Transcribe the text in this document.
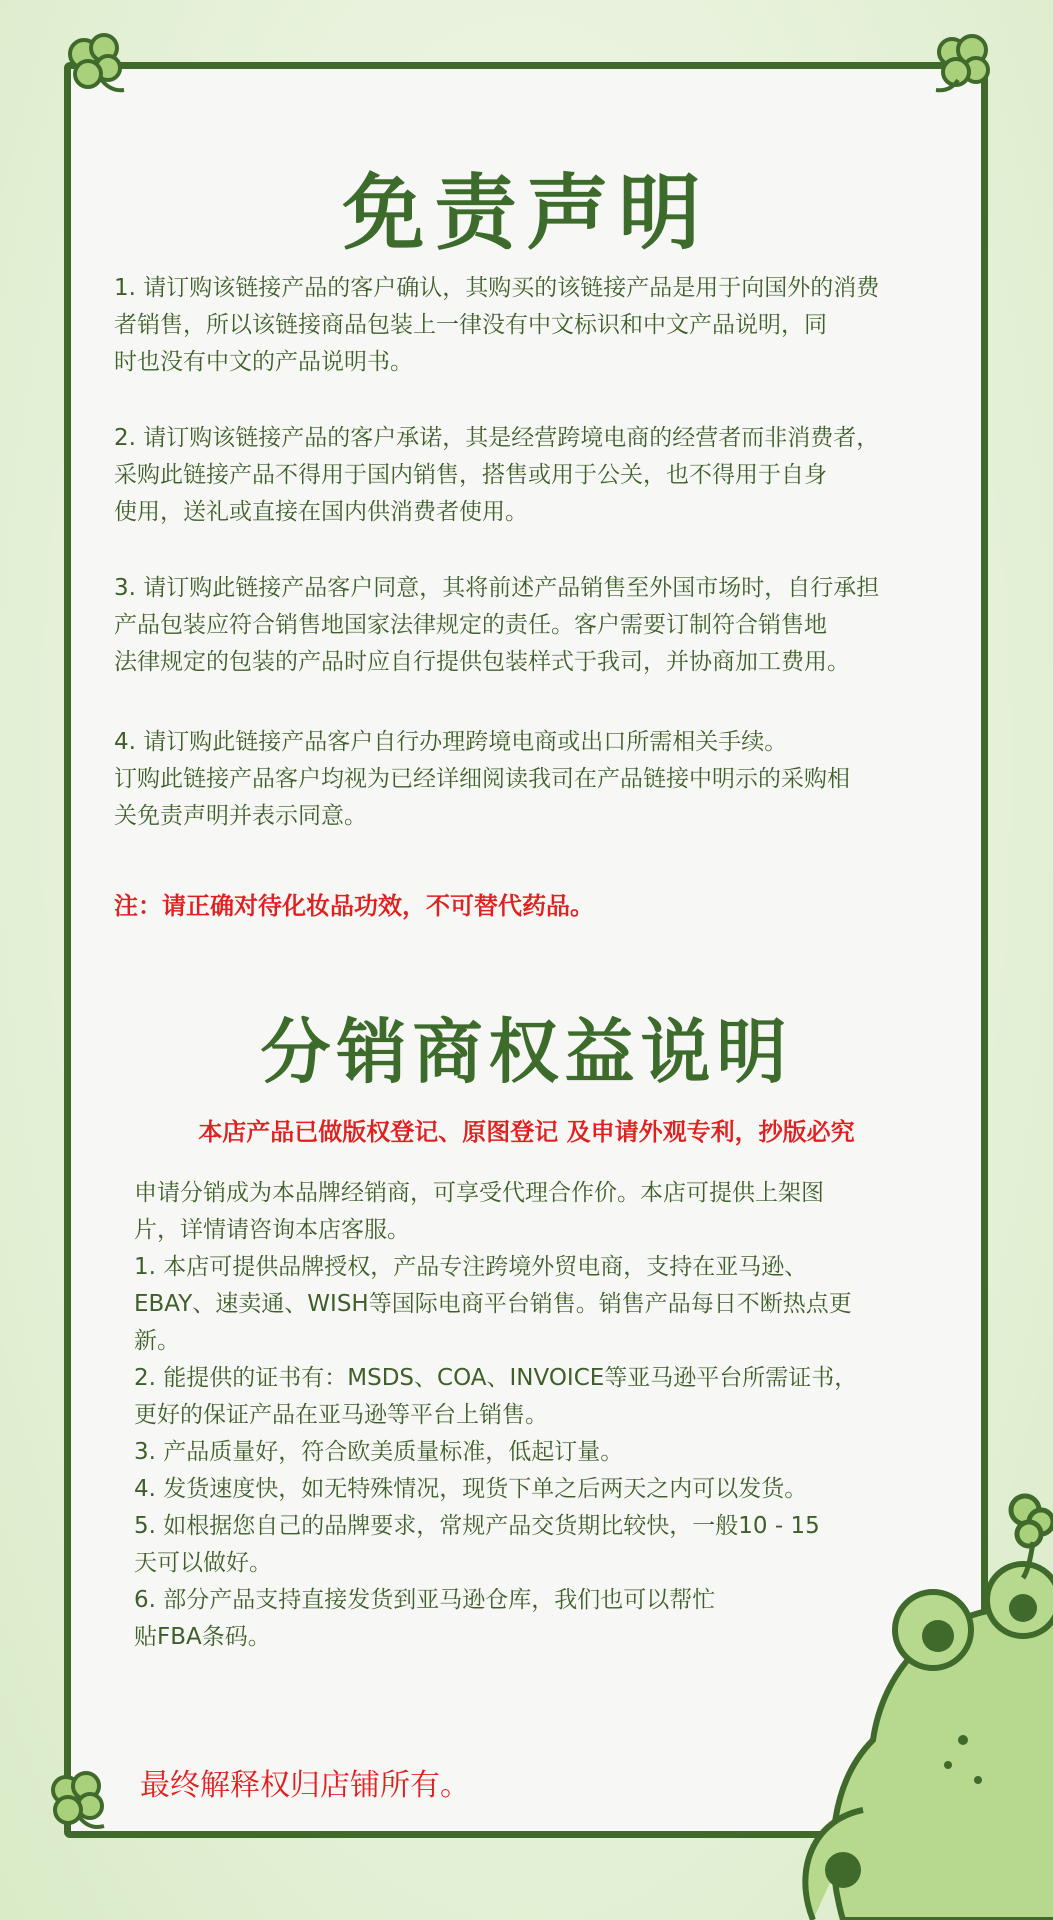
免责声明

1. 请订购该链接产品的客户确认，其购买的该链接产品是用于向国外的消费
者销售，所以该链接商品包装上一律没有中文标识和中文产品说明，同
时也没有中文的产品说明书。

2. 请订购该链接产品的客户承诺，其是经营跨境电商的经营者而非消费者，
采购此链接产品不得用于国内销售，搭售或用于公关，也不得用于自身
使用，送礼或直接在国内供消费者使用。

3. 请订购此链接产品客户同意，其将前述产品销售至外国市场时，自行承担
产品包装应符合销售地国家法律规定的责任。客户需要订制符合销售地
法律规定的包装的产品时应自行提供包装样式于我司，并协商加工费用。

4. 请订购此链接产品客户自行办理跨境电商或出口所需相关手续。
订购此链接产品客户均视为已经详细阅读我司在产品链接中明示的采购相
关免责声明并表示同意。

注：请正确对待化妆品功效，不可替代药品。

分销商权益说明

本店产品已做版权登记、原图登记 及申请外观专利，抄版必究

申请分销成为本品牌经销商，可享受代理合作价。本店可提供上架图
片，详情请咨询本店客服。
1. 本店可提供品牌授权，产品专注跨境外贸电商，支持在亚马逊、
EBAY、速卖通、WISH等国际电商平台销售。销售产品每日不断热点更
新。
2. 能提供的证书有：MSDS、COA、INVOICE等亚马逊平台所需证书，
更好的保证产品在亚马逊等平台上销售。
3. 产品质量好，符合欧美质量标准，低起订量。
4. 发货速度快，如无特殊情况，现货下单之后两天之内可以发货。
5. 如根据您自己的品牌要求，常规产品交货期比较快，一般10 - 15
天可以做好。
6. 部分产品支持直接发货到亚马逊仓库，我们也可以帮忙
贴FBA条码。

最终解释权归店铺所有。
